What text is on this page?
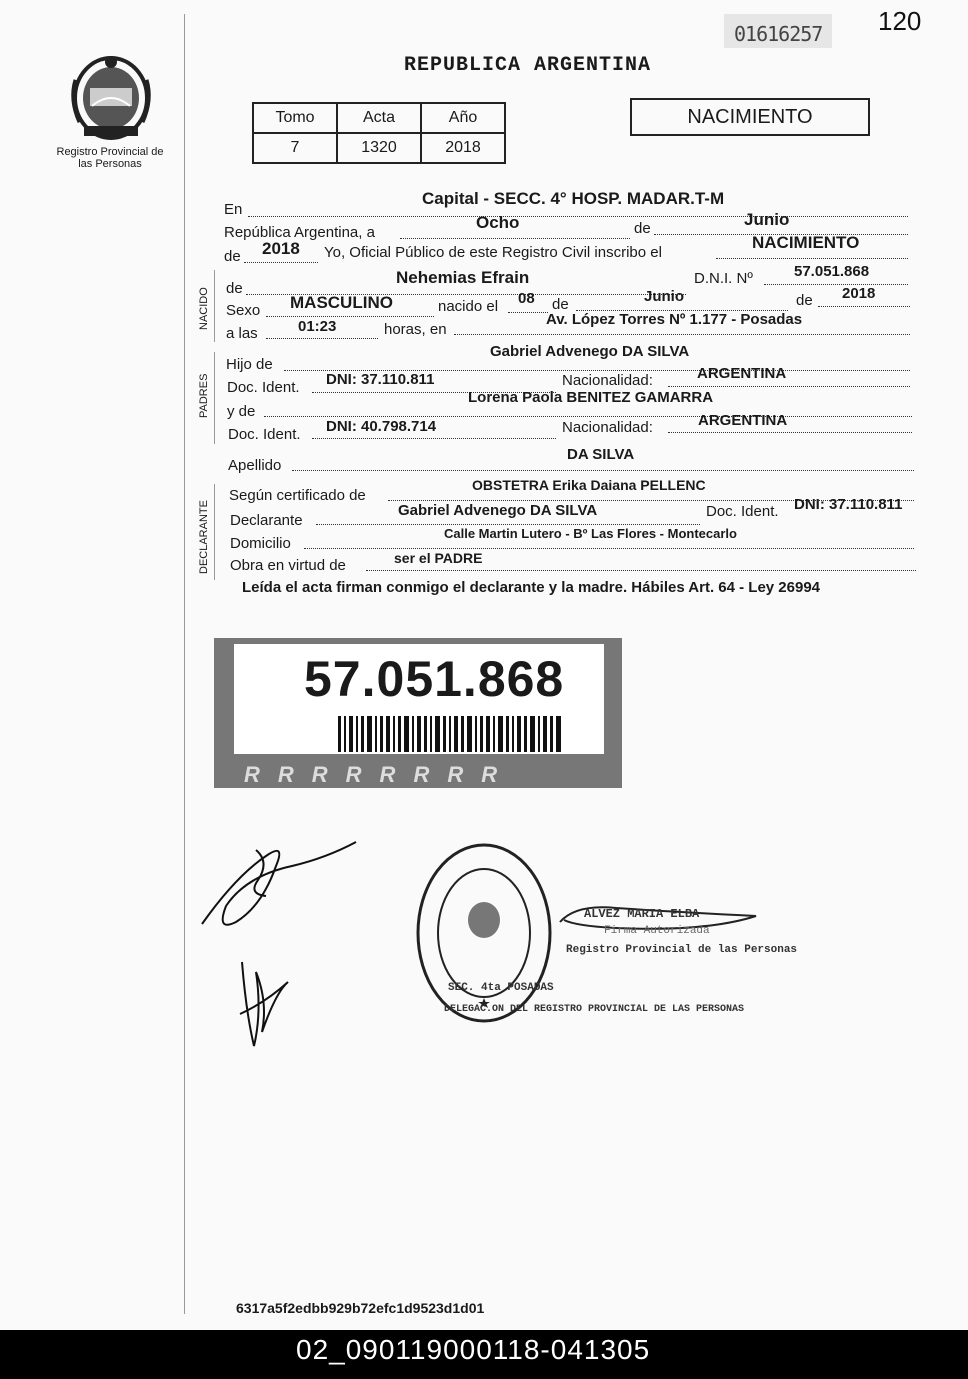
Registro Provincial de las Personas
01616257 120
REPUBLICA ARGENTINA
Tomo	Acta	Año
7	1320	2018
NACIMIENTO
En
Capital - SECC. 4° HOSP. MADAR.T-M
República Argentina, a
Ocho	de	Junio
de 2018 Yo, Oficial Público de este Registro Civil inscribo el
NACIMIENTO
NACIDO de
Nehemias Efrain	D.N.I. Nº	57.051.868
Sexo MASCULINO	nacido el 08 de	Junio	de 2018
a las	01:23	horas, en
Av. López Torres Nº 1.177 - Posadas
PADRES
Hijo de
Gabriel Advenego DA SILVA
Doc. Ident. DNI: 37.110.811	Nacionalidad:	ARGENTINA
y de
Lorena Paola BENITEZ GAMARRA
Doc. Ident. DNI: 40.798.714	Nacionalidad:	ARGENTINA
Apellido
DA SILVA
DECLARANTE
Según certificado de
OBSTETRA Erika Daiana PELLENC
Declarante
Gabriel Advenego DA SILVA	Doc. Ident. DNI: 37.110.811
Domicilio
Calle Martin Lutero - Bº Las Flores - Montecarlo
Obra en virtud de	ser el PADRE
Leída el acta firman conmigo el declarante y la madre. Hábiles Art. 64 - Ley 26994
57.051.868
RRRRRRRR
DELEGAC.ON DEL REGISTRO PROVINCIAL DE LAS PERSONAS
SEC. 4ta POSADAS
ALVEZ MARIA ELBA
Firma Autorizada
Registro Provincial de las Personas
6317a5f2edbb929b72efc1d9523d1d01
02_090119000118-041305
